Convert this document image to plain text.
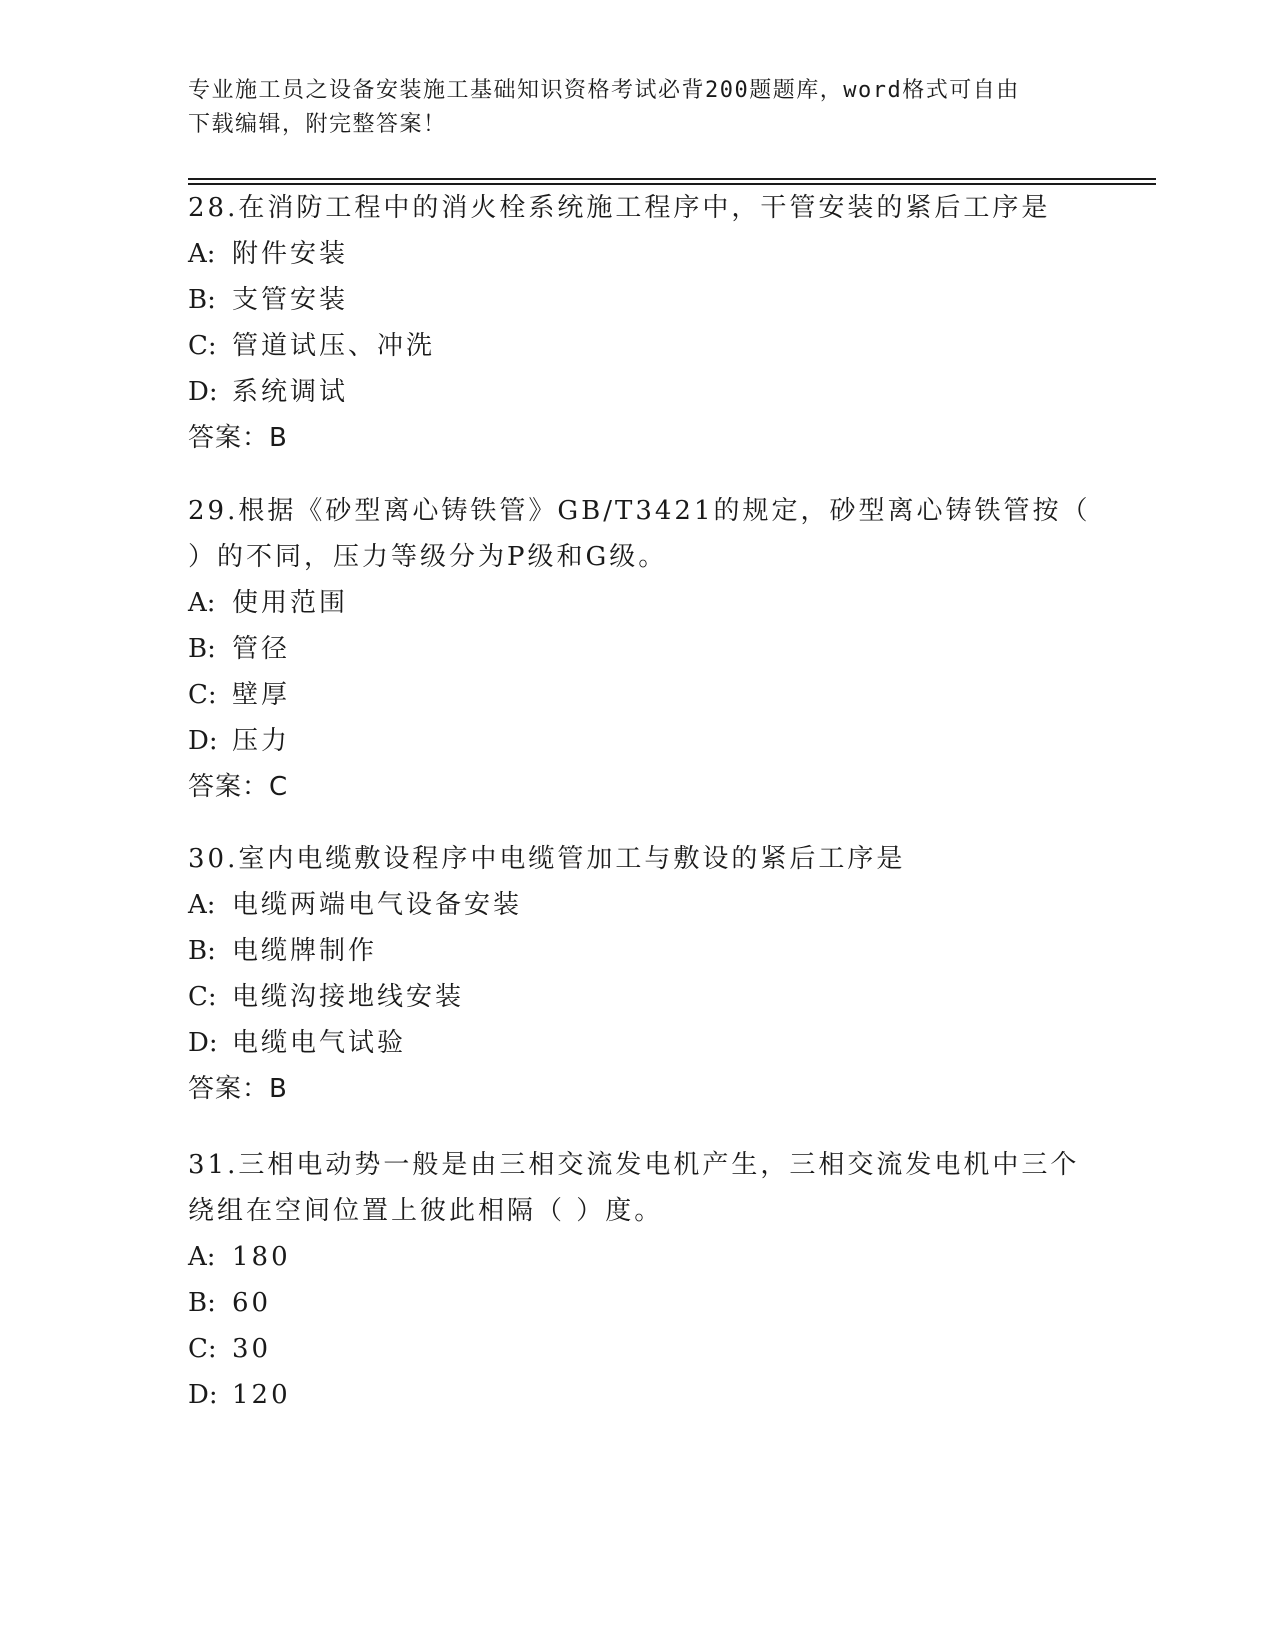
专业施工员之设备安装施工基础知识资格考试必背200题题库，word格式可自由
下载编辑，附完整答案！
28.在消防工程中的消火栓系统施工程序中，干管安装的紧后工序是
A: 附件安装
B: 支管安装
C: 管道试压、冲洗
D: 系统调试
答案：B
29.根据《砂型离心铸铁管》GB/T3421的规定，砂型离心铸铁管按（
）的不同，压力等级分为P级和G级。
A: 使用范围
B: 管径
C: 壁厚
D: 压力
答案：C
30.室内电缆敷设程序中电缆管加工与敷设的紧后工序是
A: 电缆两端电气设备安装
B: 电缆牌制作
C: 电缆沟接地线安装
D: 电缆电气试验
答案：B
31.三相电动势一般是由三相交流发电机产生，三相交流发电机中三个
绕组在空间位置上彼此相隔（ ）度。
A: 180
B: 60
C: 30
D: 120
